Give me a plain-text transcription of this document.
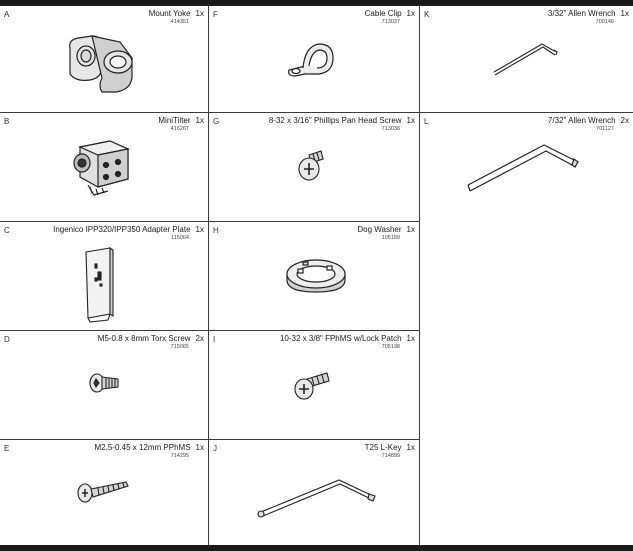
A	Mount Yoke 1x
414351
B	MiniTilter 1x
416267
C	Ingenico IPP320/IPP350 Adapter Plate 1x
115064
D	M5-0.8 x 8mm Torx Screw 2x
715065
E	M2.5-0.45 x 12mm PPhMS 1x
714295
F	Cable Clip 1x
713037
G	8-32 x 3/16" Phillips Pan Head Screw 1x
713038
H	Dog Washer 1x
105189
I	10-32 x 3/8" FPhMS w/Lock Patch 1x
705198
J	T25 L-Key 1x
714899
K	3/32" Allen Wrench 1x
700146
L	7/32" Allen Wrench 2x
701127
